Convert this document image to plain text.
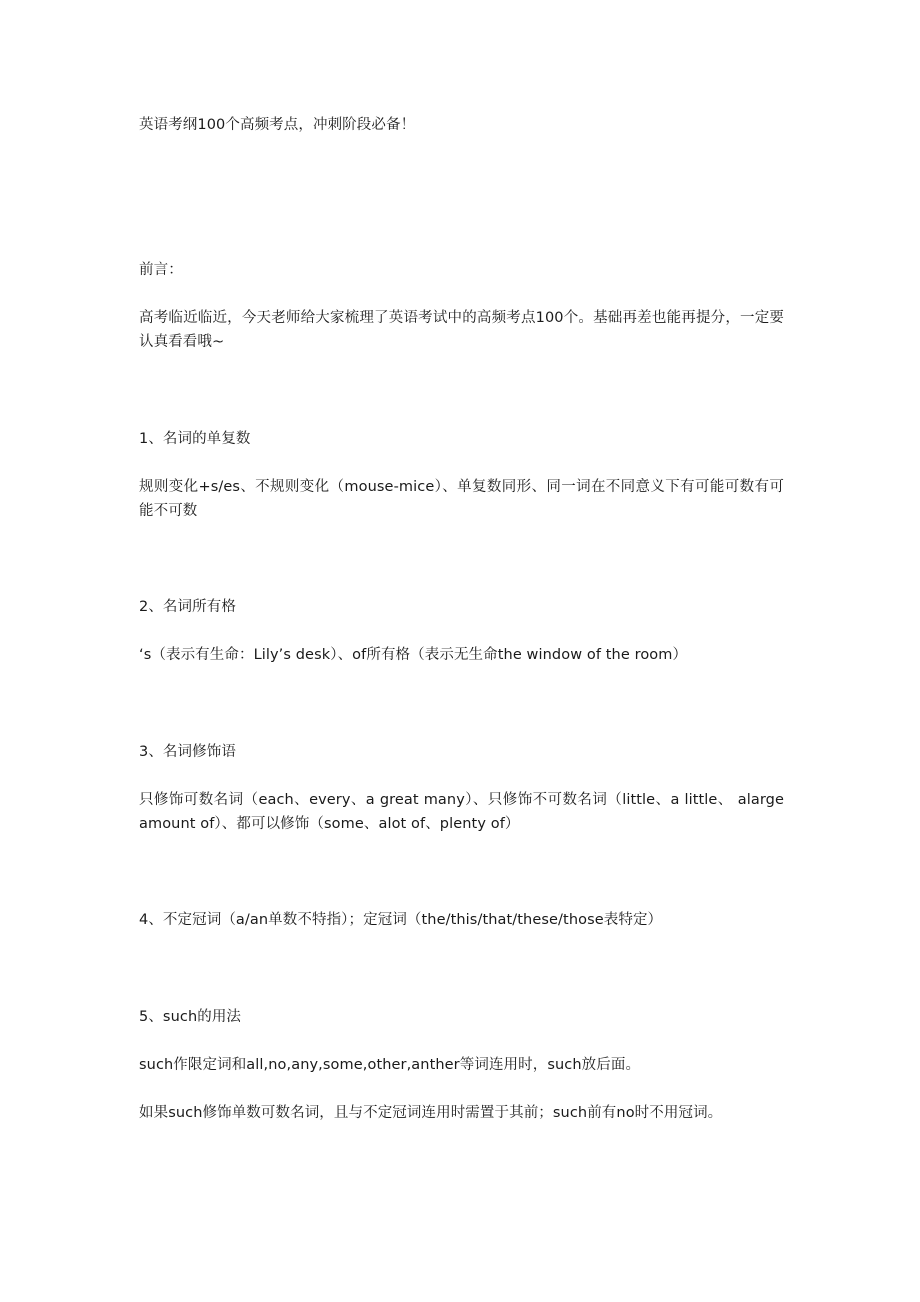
英语考纲100个高频考点，冲刺阶段必备！
前言：
高考临近临近，今天老师给大家梳理了英语考试中的高频考点100个。基础再差也能再提分，一定要认真看看哦~
1、名词的单复数
规则变化+s/es、不规则变化（mouse-mice）、单复数同形、同一词在不同意义下有可能可数有可能不可数
2、名词所有格
‘s（表示有生命：Lily’s desk）、of所有格（表示无生命the window of the room）
3、名词修饰语
只修饰可数名词（each、every、a great many）、只修饰不可数名词（little、a little、 alarge amount of）、都可以修饰（some、alot of、plenty of）
4、不定冠词（a/an单数不特指）；定冠词（the/this/that/these/those表特定）
5、such的用法
such作限定词和all,no,any,some,other,anther等词连用时，such放后面。
如果such修饰单数可数名词，且与不定冠词连用时需置于其前；such前有no时不用冠词。
